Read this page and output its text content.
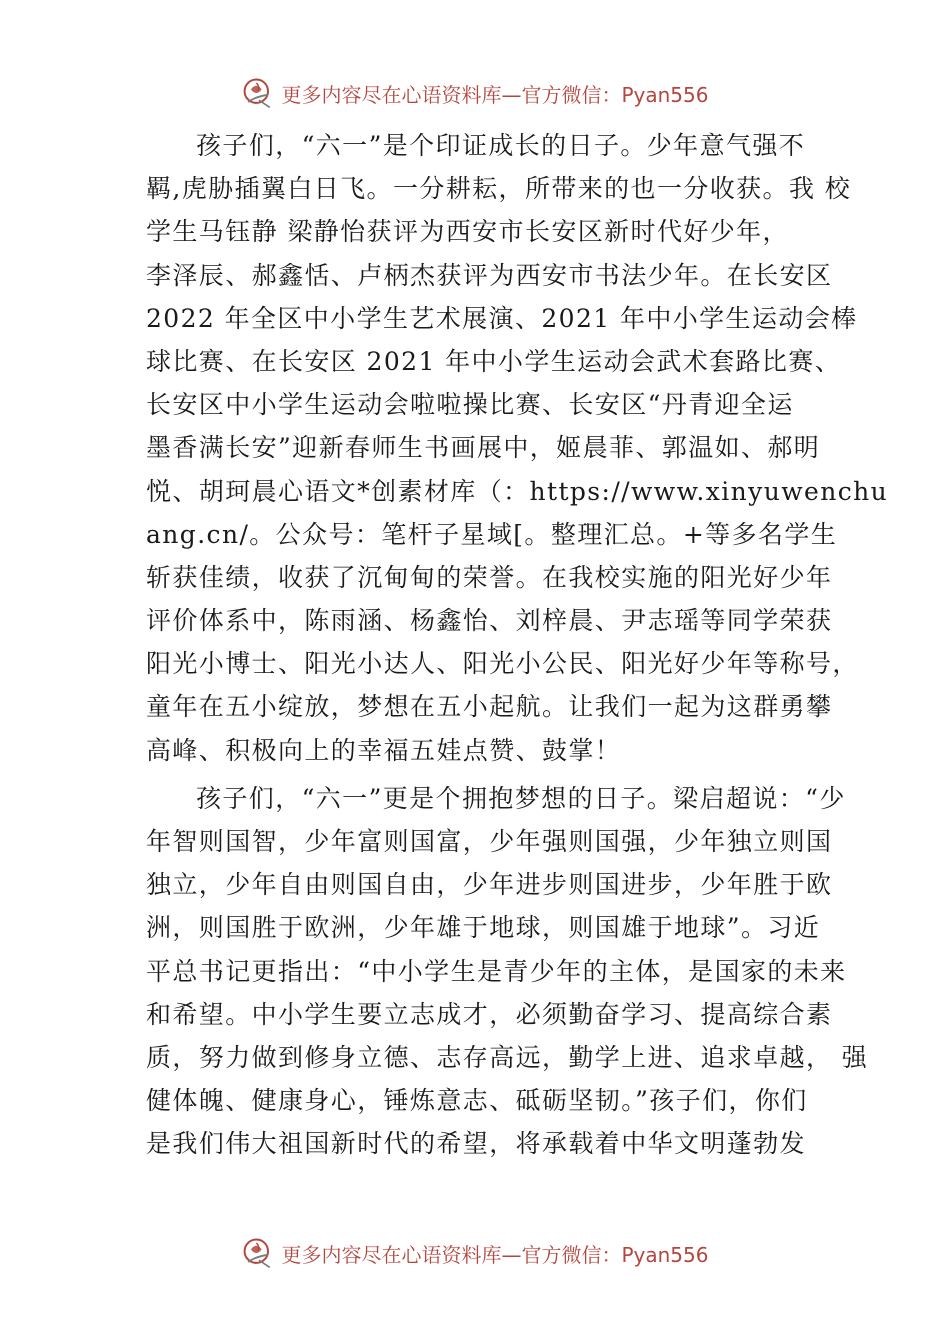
更多内容尽在心语资料库—官方微信：Pyan556
孩子们，“六一”是个印证成长的日子。少年意气强不
羁,虎胁插翼白日飞。一分耕耘，所带来的也一分收获。我 校
学生马钰静 梁静怡获评为西安市长安区新时代好少年，
李泽辰、郝鑫恬、卢柄杰获评为西安市书法少年。在长安区
2022 年全区中小学生艺术展演、2021 年中小学生运动会棒
球比赛、在长安区 2021 年中小学生运动会武术套路比赛、
长安区中小学生运动会啦啦操比赛、长安区“丹青迎全运
墨香满长安”迎新春师生书画展中，姬晨菲、郭温如、郝明
悦、胡珂晨心语文*创素材库（：https://www.xinyuwenchu
ang.cn/。公众号：笔杆子星域[。整理汇总。+等多名学生
斩获佳绩，收获了沉甸甸的荣誉。在我校实施的阳光好少年
评价体系中，陈雨涵、杨鑫怡、刘梓晨、尹志瑶等同学荣获
阳光小博士、阳光小达人、阳光小公民、阳光好少年等称号，
童年在五小绽放，梦想在五小起航。让我们一起为这群勇攀
高峰、积极向上的幸福五娃点赞、鼓掌！
孩子们，“六一”更是个拥抱梦想的日子。梁启超说：“少
年智则国智，少年富则国富，少年强则国强，少年独立则国
独立，少年自由则国自由，少年进步则国进步，少年胜于欧
洲，则国胜于欧洲，少年雄于地球，则国雄于地球”。习近
平总书记更指出：“中小学生是青少年的主体，是国家的未来
和希望。中小学生要立志成才，必须勤奋学习、提高综合素
质，努力做到修身立德、志存高远，勤学上进、追求卓越， 强
健体魄、健康身心，锤炼意志、砥砺坚韧。”孩子们，你们
是我们伟大祖国新时代的希望，将承载着中华文明蓬勃发
更多内容尽在心语资料库—官方微信：Pyan556
